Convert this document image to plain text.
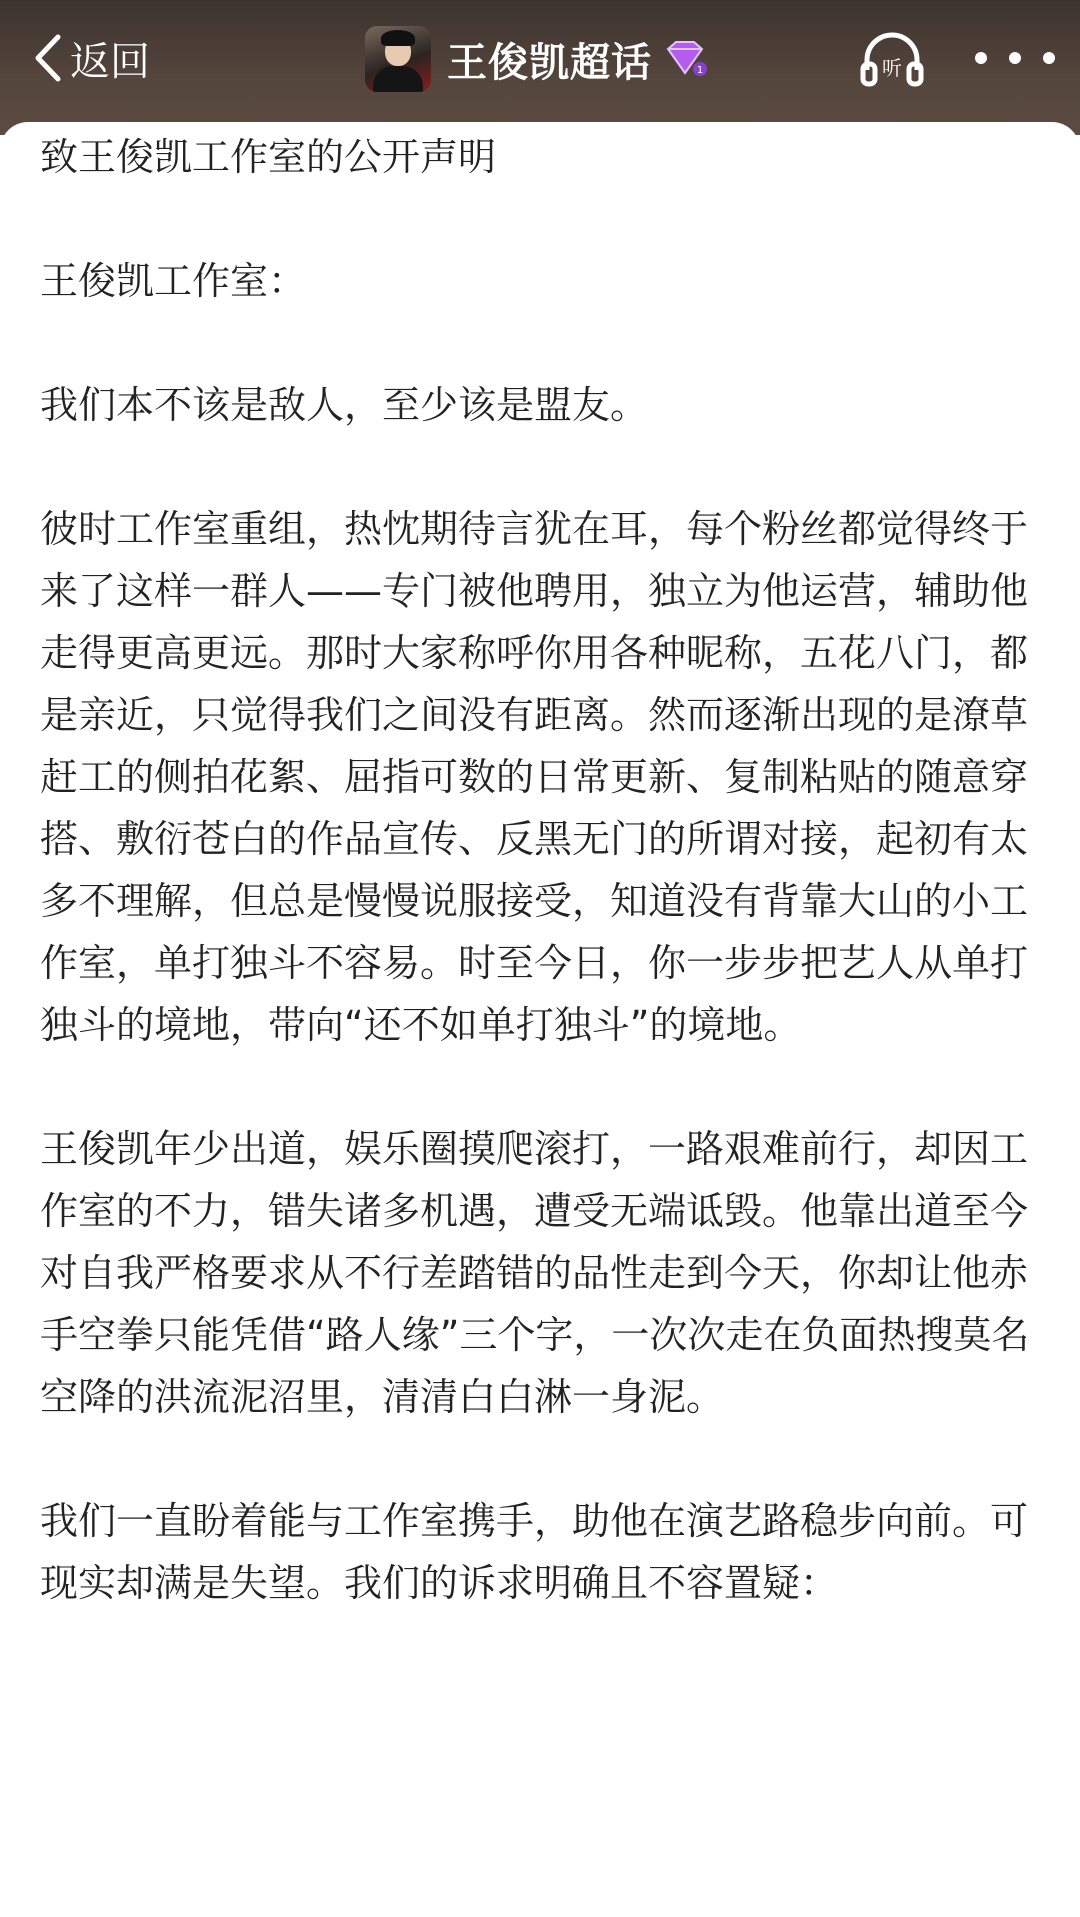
返回	王俊凯超话	1	听

致王俊凯工作室的公开声明

王俊凯工作室：

我们本不该是敌人，至少该是盟友。

彼时工作室重组，热忱期待言犹在耳，每个粉丝都觉得终于来了这样一群人——专门被他聘用，独立为他运营，辅助他走得更高更远。那时大家称呼你用各种昵称，五花八门，都是亲近，只觉得我们之间没有距离。然而逐渐出现的是潦草赶工的侧拍花絮、屈指可数的日常更新、复制粘贴的随意穿搭、敷衍苍白的作品宣传、反黑无门的所谓对接，起初有太多不理解，但总是慢慢说服接受，知道没有背靠大山的小工作室，单打独斗不容易。时至今日，你一步步把艺人从单打独斗的境地，带向“还不如单打独斗”的境地。

王俊凯年少出道，娱乐圈摸爬滚打，一路艰难前行，却因工作室的不力，错失诸多机遇，遭受无端诋毁。他靠出道至今对自我严格要求从不行差踏错的品性走到今天，你却让他赤手空拳只能凭借“路人缘”三个字，一次次走在负面热搜莫名空降的洪流泥沼里，清清白白淋一身泥。

我们一直盼着能与工作室携手，助他在演艺路稳步向前。可现实却满是失望。我们的诉求明确且不容置疑：
